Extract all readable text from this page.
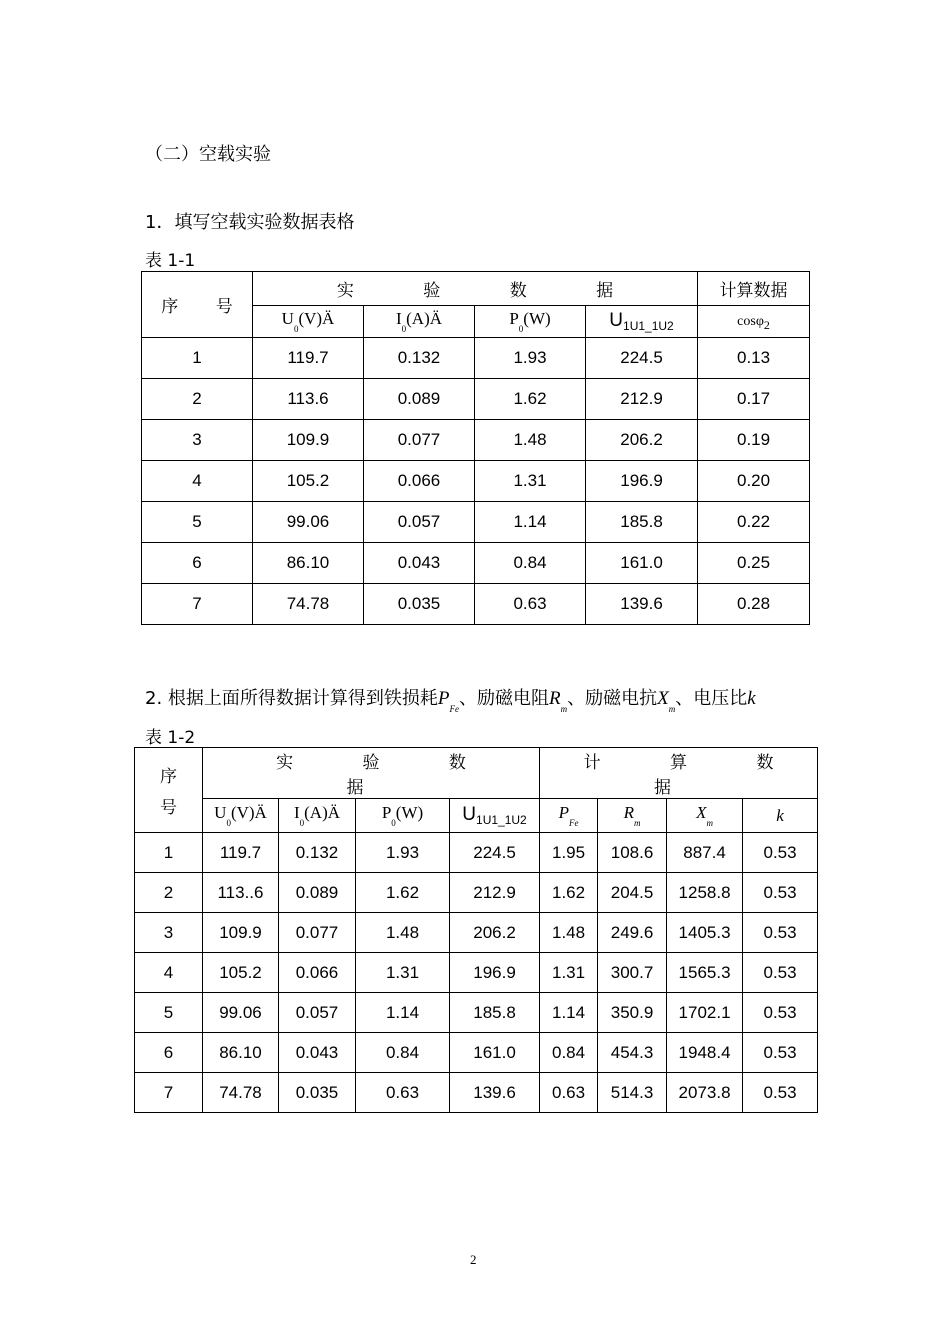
（二）空载实验
1．填写空载实验数据表格
表 1-1
序 号	实 验 数 据				计算数据
	$U_0(V)Ä$	$I_0(A)Ä$	$P_0(W)$	$U_{1U1\_1U2}$	cosφ$_2$
1	119.7	0.132	1.93	224.5	0.13
2	113.6	0.089	1.62	212.9	0.17
3	109.9	0.077	1.48	206.2	0.19
4	105.2	0.066	1.31	196.9	0.20
5	99.06	0.057	1.14	185.8	0.22
6	86.10	0.043	0.84	161.0	0.25
7	74.78	0.035	0.63	139.6	0.28
2. 根据上面所得数据计算得到铁损耗$P_{Fe}$、励磁电阻$R_m$、励磁电抗$X_m$、电压比k
表 1-2
序
号	实 验 数 据				计 算 数 据			
	$U_0(V)Ä$	$I_0(A)Ä$	$P_0(W)$	$U_{1U1\_1U2}$	$P_{Fe}$	$R_m$	$X_m$	k
1	119.7	0.132	1.93	224.5	1.95	108.6	887.4	0.53
2	113..6	0.089	1.62	212.9	1.62	204.5	1258.8	0.53
3	109.9	0.077	1.48	206.2	1.48	249.6	1405.3	0.53
4	105.2	0.066	1.31	196.9	1.31	300.7	1565.3	0.53
5	99.06	0.057	1.14	185.8	1.14	350.9	1702.1	0.53
6	86.10	0.043	0.84	161.0	0.84	454.3	1948.4	0.53
7	74.78	0.035	0.63	139.6	0.63	514.3	2073.8	0.53
2
